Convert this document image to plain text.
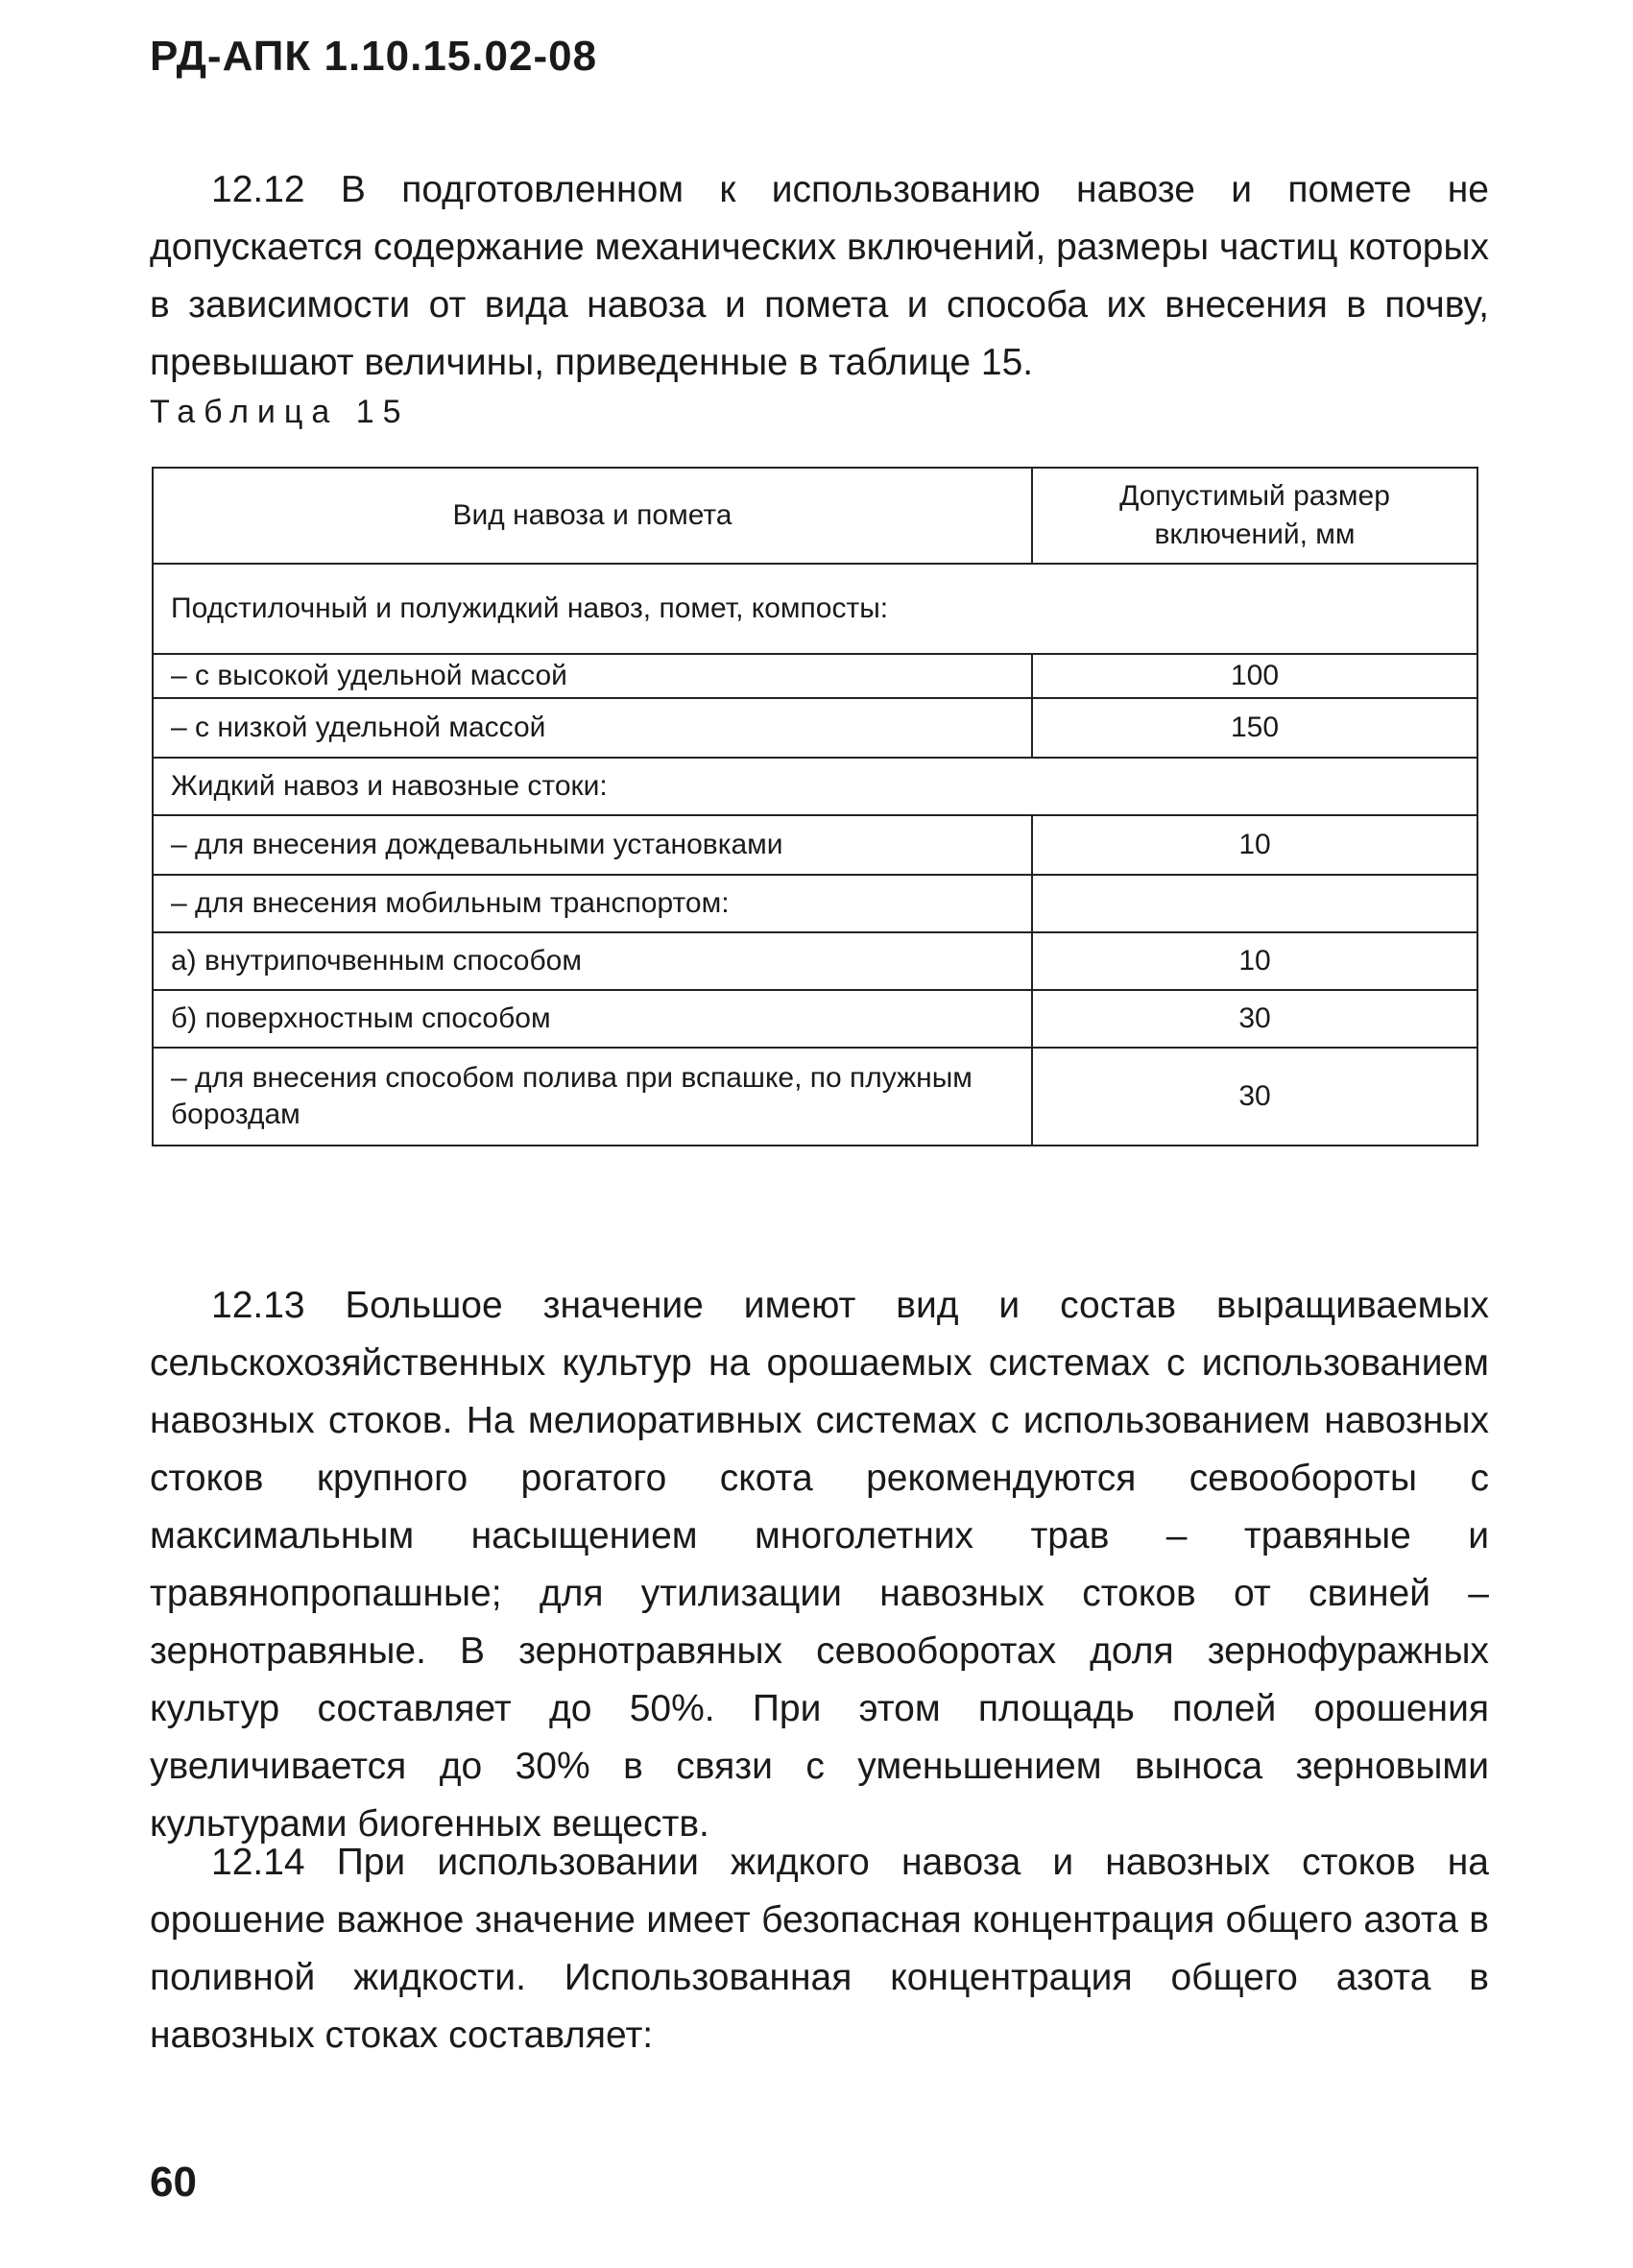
РД-АПК 1.10.15.02-08

12.12 В подготовленном к использованию навозе и помете не допускается содержание механических включений, размеры частиц которых в зависимости от вида навоза и помета и способа их внесения в почву, превышают величины, приведенные в таблице 15.

Таблица 15
Вид навоза и помета	Допустимый размер включений, мм
Подстилочный и полужидкий навоз, помет, компосты:	
– с высокой удельной массой	100
– с низкой удельной массой	150
Жидкий навоз и навозные стоки:	
– для внесения дождевальными установками	10
– для внесения мобильным транспортом:	
а) внутрипочвенным способом	10
б) поверхностным способом	30
– для внесения способом полива при вспашке, по плужным бороздам	30

12.13 Большое значение имеют вид и состав выращиваемых сельскохозяйственных культур на орошаемых системах с использованием навозных стоков. На мелиоративных системах с использованием навозных стоков крупного рогатого скота рекомендуются севообороты с максимальным насыщением многолетних трав – травяные и травянопропашные; для утилизации навозных стоков от свиней – зернотравяные. В зернотравяных севооборотах доля зернофуражных культур составляет до 50%. При этом площадь полей орошения увеличивается до 30% в связи с уменьшением выноса зерновыми культурами биогенных веществ.

12.14 При использовании жидкого навоза и навозных стоков на орошение важное значение имеет безопасная концентрация общего азота в поливной жидкости. Использованная концентрация общего азота в навозных стоках составляет:

60
